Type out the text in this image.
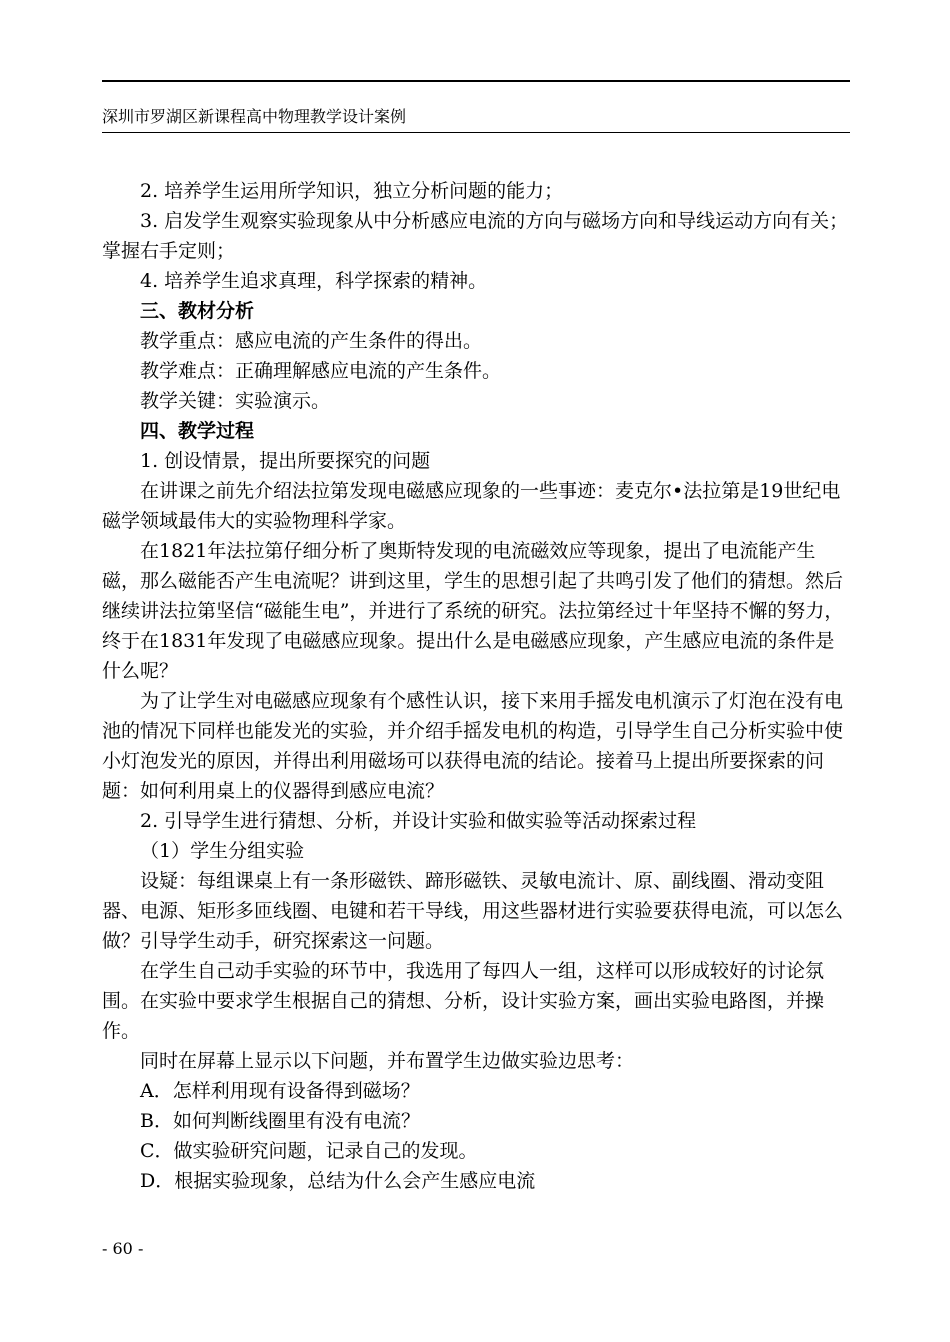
深圳市罗湖区新课程高中物理教学设计案例

2. 培养学生运用所学知识，独立分析问题的能力；

3. 启发学生观察实验现象从中分析感应电流的方向与磁场方向和导线运动方向有关；掌握右手定则；

4. 培养学生追求真理，科学探索的精神。

三、教材分析

教学重点：感应电流的产生条件的得出。

教学难点：正确理解感应电流的产生条件。

教学关键：实验演示。

四、教学过程

1. 创设情景，提出所要探究的问题

在讲课之前先介绍法拉第发现电磁感应现象的一些事迹：麦克尔•法拉第是19世纪电磁学领域最伟大的实验物理科学家。

在1821年法拉第仔细分析了奥斯特发现的电流磁效应等现象，提出了电流能产生磁，那么磁能否产生电流呢？讲到这里，学生的思想引起了共鸣引发了他们的猜想。然后继续讲法拉第坚信“磁能生电”，并进行了系统的研究。法拉第经过十年坚持不懈的努力，终于在1831年发现了电磁感应现象。提出什么是电磁感应现象，产生感应电流的条件是什么呢？

为了让学生对电磁感应现象有个感性认识，接下来用手摇发电机演示了灯泡在没有电池的情况下同样也能发光的实验，并介绍手摇发电机的构造，引导学生自己分析实验中使小灯泡发光的原因，并得出利用磁场可以获得电流的结论。接着马上提出所要探索的问题：如何利用桌上的仪器得到感应电流？

2. 引导学生进行猜想、分析，并设计实验和做实验等活动探索过程

（1）学生分组实验

设疑：每组课桌上有一条形磁铁、蹄形磁铁、灵敏电流计、原、副线圈、滑动变阻器、电源、矩形多匝线圈、电键和若干导线，用这些器材进行实验要获得电流，可以怎么做？引导学生动手，研究探索这一问题。

在学生自己动手实验的环节中，我选用了每四人一组，这样可以形成较好的讨论氛围。在实验中要求学生根据自己的猜想、分析，设计实验方案，画出实验电路图，并操作。

同时在屏幕上显示以下问题，并布置学生边做实验边思考：

A．怎样利用现有设备得到磁场？

B．如何判断线圈里有没有电流？

C．做实验研究问题，记录自己的发现。

D．根据实验现象，总结为什么会产生感应电流

- 60 -
